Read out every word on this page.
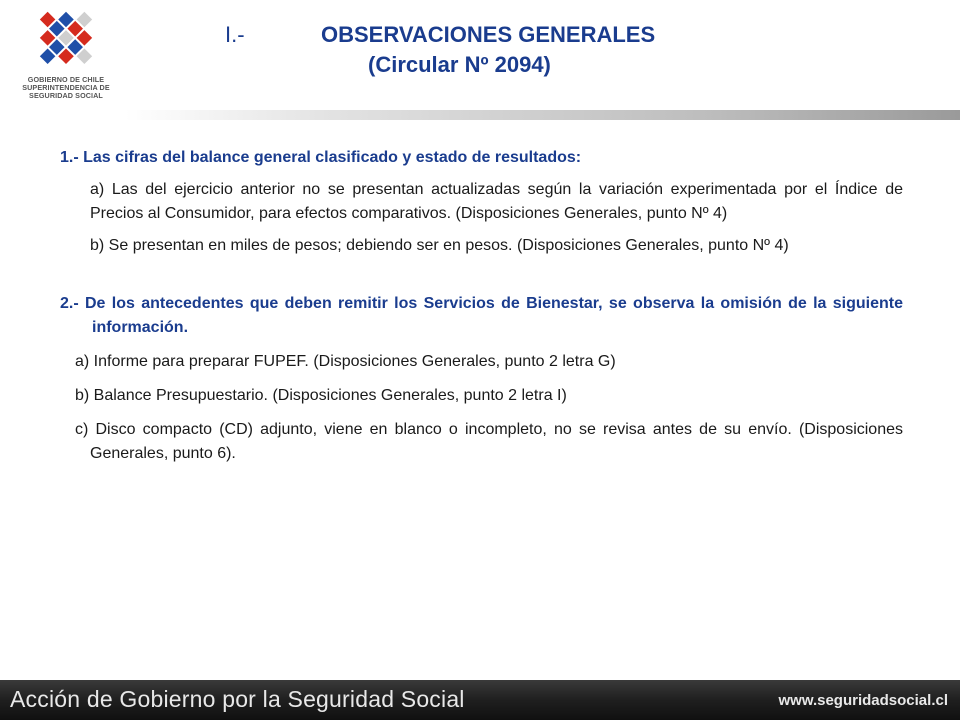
GOBIERNO DE CHILE
SUPERINTENDENCIA DE
SEGURIDAD SOCIAL
I.-	OBSERVACIONES GENERALES
(Circular Nº 2094)

1.- Las cifras del balance general clasificado y estado de resultados:

a) Las del ejercicio anterior no se presentan actualizadas según la variación experimentada por el Índice de Precios al Consumidor, para efectos comparativos. (Disposiciones Generales, punto Nº 4)

b) Se presentan en miles de pesos; debiendo ser en pesos. (Disposiciones Generales, punto Nº 4)

2.- De los antecedentes que deben remitir los Servicios de Bienestar, se observa la omisión de la siguiente información.

a) Informe para preparar FUPEF. (Disposiciones Generales, punto 2 letra G)

b) Balance Presupuestario. (Disposiciones Generales, punto 2 letra I)

c) Disco compacto (CD) adjunto, viene en blanco o incompleto, no se revisa antes de su envío. (Disposiciones Generales, punto 6).

Acción de Gobierno por la Seguridad Social	www.seguridadsocial.cl
